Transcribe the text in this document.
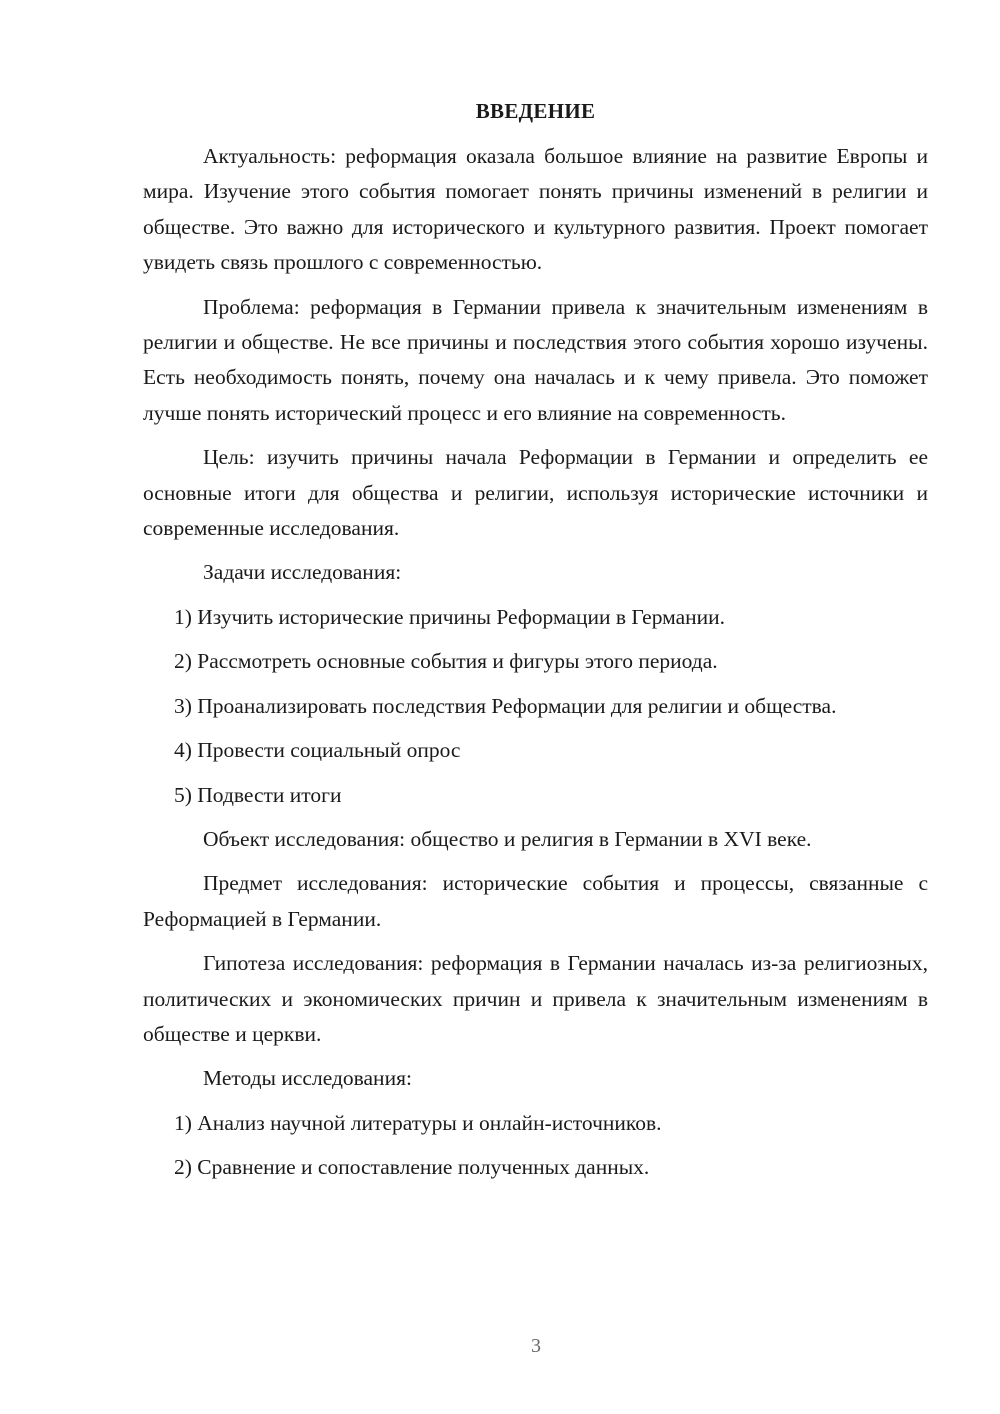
ВВЕДЕНИЕ

Актуальность: реформация оказала большое влияние на развитие Европы и мира. Изучение этого события помогает понять причины изменений в религии и обществе. Это важно для исторического и культурного развития. Проект помогает увидеть связь прошлого с современностью.

Проблема: реформация в Германии привела к значительным изменениям в религии и обществе. Не все причины и последствия этого события хорошо изучены. Есть необходимость понять, почему она началась и к чему привела. Это поможет лучше понять исторический процесс и его влияние на современность.

Цель: изучить причины начала Реформации в Германии и определить ее основные итоги для общества и религии, используя исторические источники и современные исследования.

Задачи исследования:

1) Изучить исторические причины Реформации в Германии.

2) Рассмотреть основные события и фигуры этого периода.

3) Проанализировать последствия Реформации для религии и общества.

4) Провести социальный опрос

5) Подвести итоги

Объект исследования: общество и религия в Германии в XVI веке.

Предмет исследования: исторические события и процессы, связанные с Реформацией в Германии.

Гипотеза исследования: реформация в Германии началась из-за религиозных, политических и экономических причин и привела к значительным изменениям в обществе и церкви.

Методы исследования:

1) Анализ научной литературы и онлайн-источников.

2) Сравнение и сопоставление полученных данных.

3
